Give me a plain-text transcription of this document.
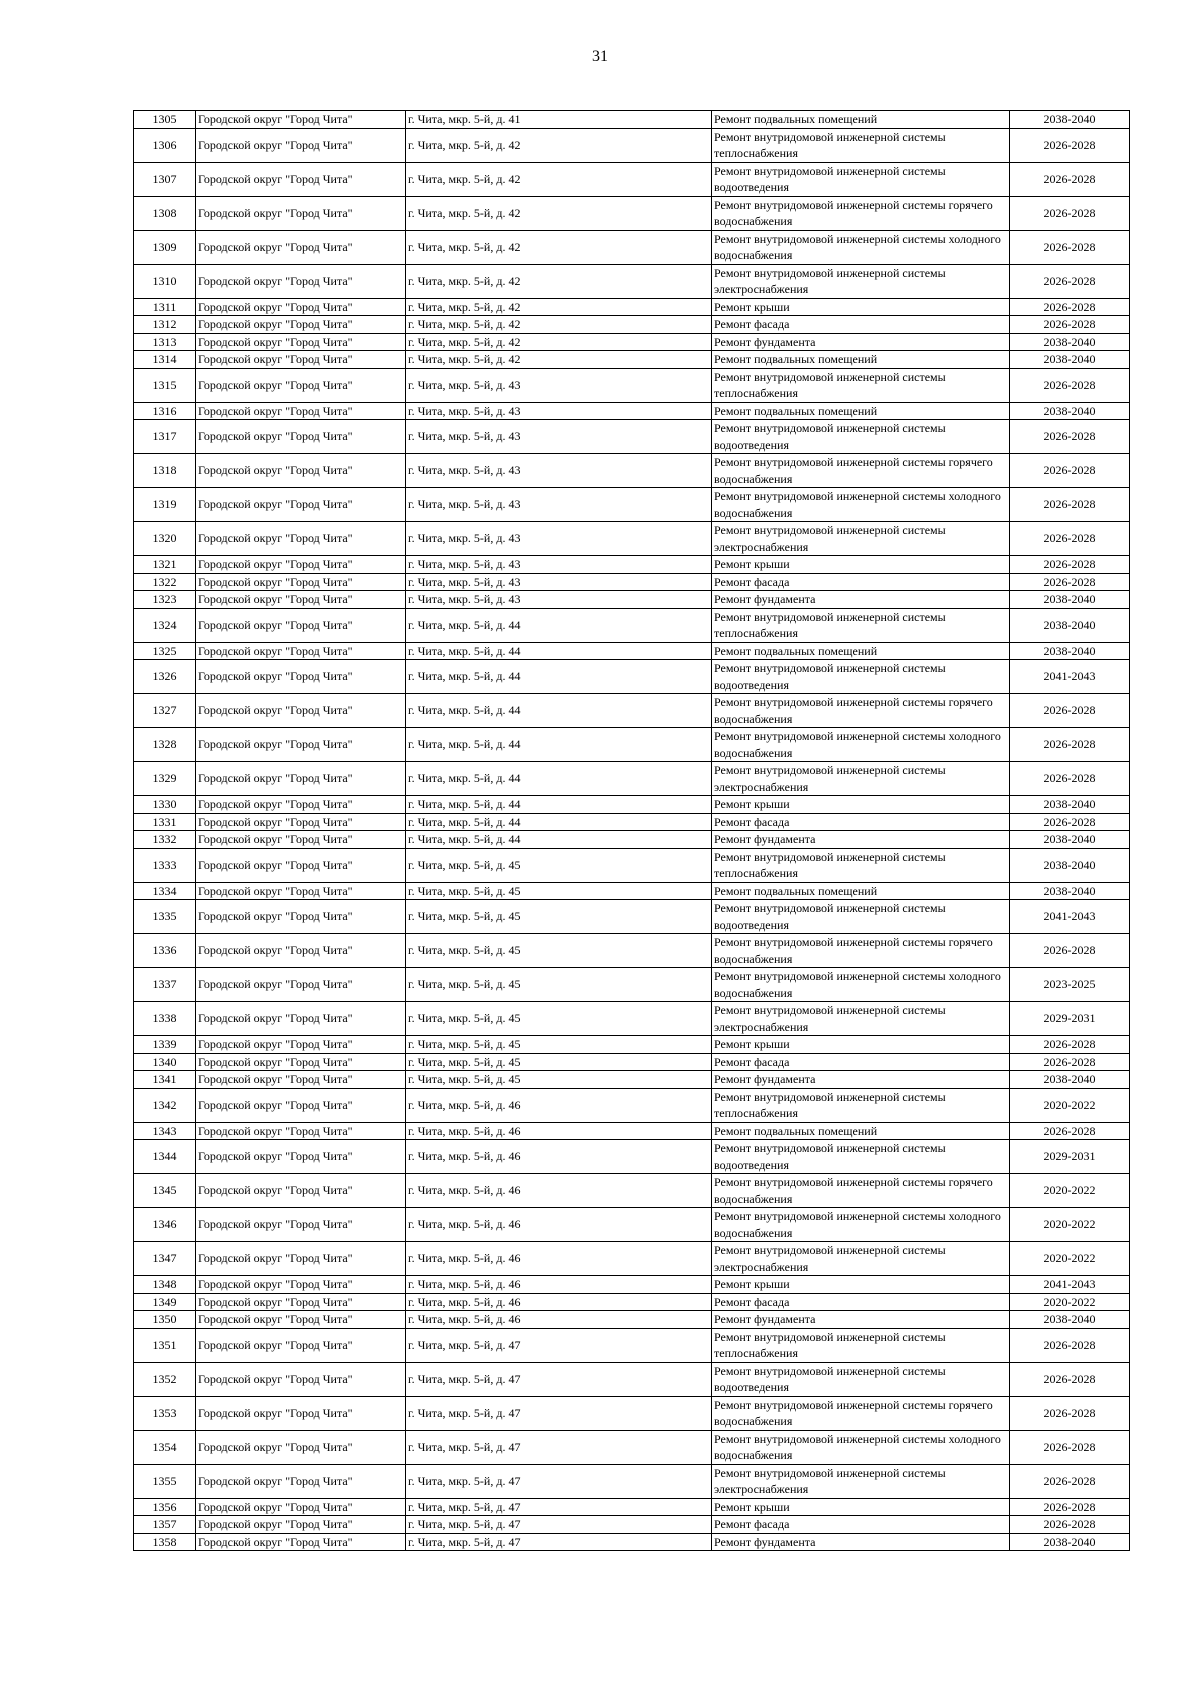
31
1305	Городской округ "Город Чита"	г. Чита, мкр. 5-й, д. 41	Ремонт подвальных помещений	2038-2040
1306	Городской округ "Город Чита"	г. Чита, мкр. 5-й, д. 42	Ремонт внутридомовой инженерной системы теплоснабжения	2026-2028
1307	Городской округ "Город Чита"	г. Чита, мкр. 5-й, д. 42	Ремонт внутридомовой инженерной системы водоотведения	2026-2028
1308	Городской округ "Город Чита"	г. Чита, мкр. 5-й, д. 42	Ремонт внутридомовой инженерной системы горячего водоснабжения	2026-2028
1309	Городской округ "Город Чита"	г. Чита, мкр. 5-й, д. 42	Ремонт внутридомовой инженерной системы холодного водоснабжения	2026-2028
1310	Городской округ "Город Чита"	г. Чита, мкр. 5-й, д. 42	Ремонт внутридомовой инженерной системы электроснабжения	2026-2028
1311	Городской округ "Город Чита"	г. Чита, мкр. 5-й, д. 42	Ремонт крыши	2026-2028
1312	Городской округ "Город Чита"	г. Чита, мкр. 5-й, д. 42	Ремонт фасада	2026-2028
1313	Городской округ "Город Чита"	г. Чита, мкр. 5-й, д. 42	Ремонт фундамента	2038-2040
1314	Городской округ "Город Чита"	г. Чита, мкр. 5-й, д. 42	Ремонт подвальных помещений	2038-2040
1315	Городской округ "Город Чита"	г. Чита, мкр. 5-й, д. 43	Ремонт внутридомовой инженерной системы теплоснабжения	2026-2028
1316	Городской округ "Город Чита"	г. Чита, мкр. 5-й, д. 43	Ремонт подвальных помещений	2038-2040
1317	Городской округ "Город Чита"	г. Чита, мкр. 5-й, д. 43	Ремонт внутридомовой инженерной системы водоотведения	2026-2028
1318	Городской округ "Город Чита"	г. Чита, мкр. 5-й, д. 43	Ремонт внутридомовой инженерной системы горячего водоснабжения	2026-2028
1319	Городской округ "Город Чита"	г. Чита, мкр. 5-й, д. 43	Ремонт внутридомовой инженерной системы холодного водоснабжения	2026-2028
1320	Городской округ "Город Чита"	г. Чита, мкр. 5-й, д. 43	Ремонт внутридомовой инженерной системы электроснабжения	2026-2028
1321	Городской округ "Город Чита"	г. Чита, мкр. 5-й, д. 43	Ремонт крыши	2026-2028
1322	Городской округ "Город Чита"	г. Чита, мкр. 5-й, д. 43	Ремонт фасада	2026-2028
1323	Городской округ "Город Чита"	г. Чита, мкр. 5-й, д. 43	Ремонт фундамента	2038-2040
1324	Городской округ "Город Чита"	г. Чита, мкр. 5-й, д. 44	Ремонт внутридомовой инженерной системы теплоснабжения	2038-2040
1325	Городской округ "Город Чита"	г. Чита, мкр. 5-й, д. 44	Ремонт подвальных помещений	2038-2040
1326	Городской округ "Город Чита"	г. Чита, мкр. 5-й, д. 44	Ремонт внутридомовой инженерной системы водоотведения	2041-2043
1327	Городской округ "Город Чита"	г. Чита, мкр. 5-й, д. 44	Ремонт внутридомовой инженерной системы горячего водоснабжения	2026-2028
1328	Городской округ "Город Чита"	г. Чита, мкр. 5-й, д. 44	Ремонт внутридомовой инженерной системы холодного водоснабжения	2026-2028
1329	Городской округ "Город Чита"	г. Чита, мкр. 5-й, д. 44	Ремонт внутридомовой инженерной системы электроснабжения	2026-2028
1330	Городской округ "Город Чита"	г. Чита, мкр. 5-й, д. 44	Ремонт крыши	2038-2040
1331	Городской округ "Город Чита"	г. Чита, мкр. 5-й, д. 44	Ремонт фасада	2026-2028
1332	Городской округ "Город Чита"	г. Чита, мкр. 5-й, д. 44	Ремонт фундамента	2038-2040
1333	Городской округ "Город Чита"	г. Чита, мкр. 5-й, д. 45	Ремонт внутридомовой инженерной системы теплоснабжения	2038-2040
1334	Городской округ "Город Чита"	г. Чита, мкр. 5-й, д. 45	Ремонт подвальных помещений	2038-2040
1335	Городской округ "Город Чита"	г. Чита, мкр. 5-й, д. 45	Ремонт внутридомовой инженерной системы водоотведения	2041-2043
1336	Городской округ "Город Чита"	г. Чита, мкр. 5-й, д. 45	Ремонт внутридомовой инженерной системы горячего водоснабжения	2026-2028
1337	Городской округ "Город Чита"	г. Чита, мкр. 5-й, д. 45	Ремонт внутридомовой инженерной системы холодного водоснабжения	2023-2025
1338	Городской округ "Город Чита"	г. Чита, мкр. 5-й, д. 45	Ремонт внутридомовой инженерной системы электроснабжения	2029-2031
1339	Городской округ "Город Чита"	г. Чита, мкр. 5-й, д. 45	Ремонт крыши	2026-2028
1340	Городской округ "Город Чита"	г. Чита, мкр. 5-й, д. 45	Ремонт фасада	2026-2028
1341	Городской округ "Город Чита"	г. Чита, мкр. 5-й, д. 45	Ремонт фундамента	2038-2040
1342	Городской округ "Город Чита"	г. Чита, мкр. 5-й, д. 46	Ремонт внутридомовой инженерной системы теплоснабжения	2020-2022
1343	Городской округ "Город Чита"	г. Чита, мкр. 5-й, д. 46	Ремонт подвальных помещений	2026-2028
1344	Городской округ "Город Чита"	г. Чита, мкр. 5-й, д. 46	Ремонт внутридомовой инженерной системы водоотведения	2029-2031
1345	Городской округ "Город Чита"	г. Чита, мкр. 5-й, д. 46	Ремонт внутридомовой инженерной системы горячего водоснабжения	2020-2022
1346	Городской округ "Город Чита"	г. Чита, мкр. 5-й, д. 46	Ремонт внутридомовой инженерной системы холодного водоснабжения	2020-2022
1347	Городской округ "Город Чита"	г. Чита, мкр. 5-й, д. 46	Ремонт внутридомовой инженерной системы электроснабжения	2020-2022
1348	Городской округ "Город Чита"	г. Чита, мкр. 5-й, д. 46	Ремонт крыши	2041-2043
1349	Городской округ "Город Чита"	г. Чита, мкр. 5-й, д. 46	Ремонт фасада	2020-2022
1350	Городской округ "Город Чита"	г. Чита, мкр. 5-й, д. 46	Ремонт фундамента	2038-2040
1351	Городской округ "Город Чита"	г. Чита, мкр. 5-й, д. 47	Ремонт внутридомовой инженерной системы теплоснабжения	2026-2028
1352	Городской округ "Город Чита"	г. Чита, мкр. 5-й, д. 47	Ремонт внутридомовой инженерной системы водоотведения	2026-2028
1353	Городской округ "Город Чита"	г. Чита, мкр. 5-й, д. 47	Ремонт внутридомовой инженерной системы горячего водоснабжения	2026-2028
1354	Городской округ "Город Чита"	г. Чита, мкр. 5-й, д. 47	Ремонт внутридомовой инженерной системы холодного водоснабжения	2026-2028
1355	Городской округ "Город Чита"	г. Чита, мкр. 5-й, д. 47	Ремонт внутридомовой инженерной системы электроснабжения	2026-2028
1356	Городской округ "Город Чита"	г. Чита, мкр. 5-й, д. 47	Ремонт крыши	2026-2028
1357	Городской округ "Город Чита"	г. Чита, мкр. 5-й, д. 47	Ремонт фасада	2026-2028
1358	Городской округ "Город Чита"	г. Чита, мкр. 5-й, д. 47	Ремонт фундамента	2038-2040
